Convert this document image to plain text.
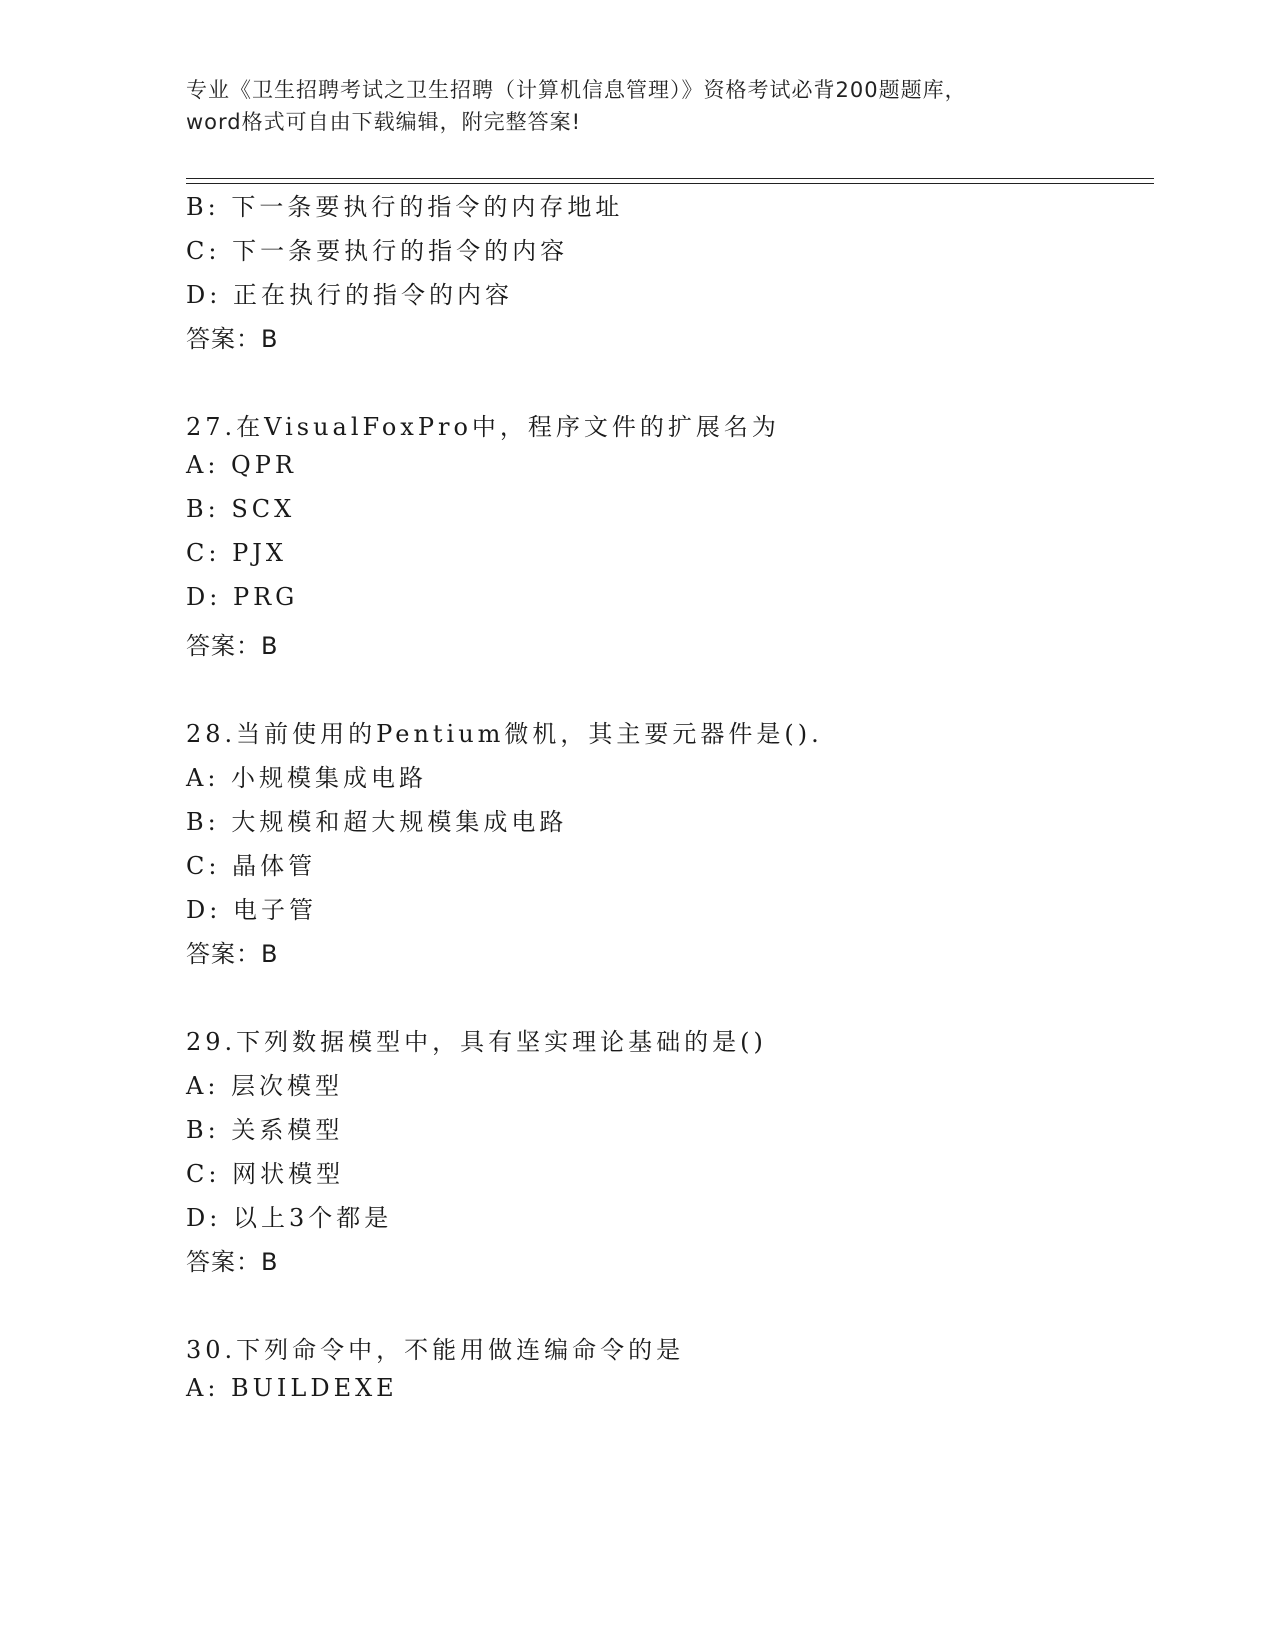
专业《卫生招聘考试之卫生招聘（计算机信息管理）》资格考试必背200题题库，
word格式可自由下载编辑，附完整答案!
B: 下一条要执行的指令的内存地址
C: 下一条要执行的指令的内容
D: 正在执行的指令的内容
答案：B
27.在VisualFoxPro中，程序文件的扩展名为
A: QPR
B: SCX
C: PJX
D: PRG
答案：B
28.当前使用的Pentium微机，其主要元器件是().
A: 小规模集成电路
B: 大规模和超大规模集成电路
C: 晶体管
D: 电子管
答案：B
29.下列数据模型中，具有坚实理论基础的是()
A: 层次模型
B: 关系模型
C: 网状模型
D: 以上3个都是
答案：B
30.下列命令中，不能用做连编命令的是
A: BUILDEXE
